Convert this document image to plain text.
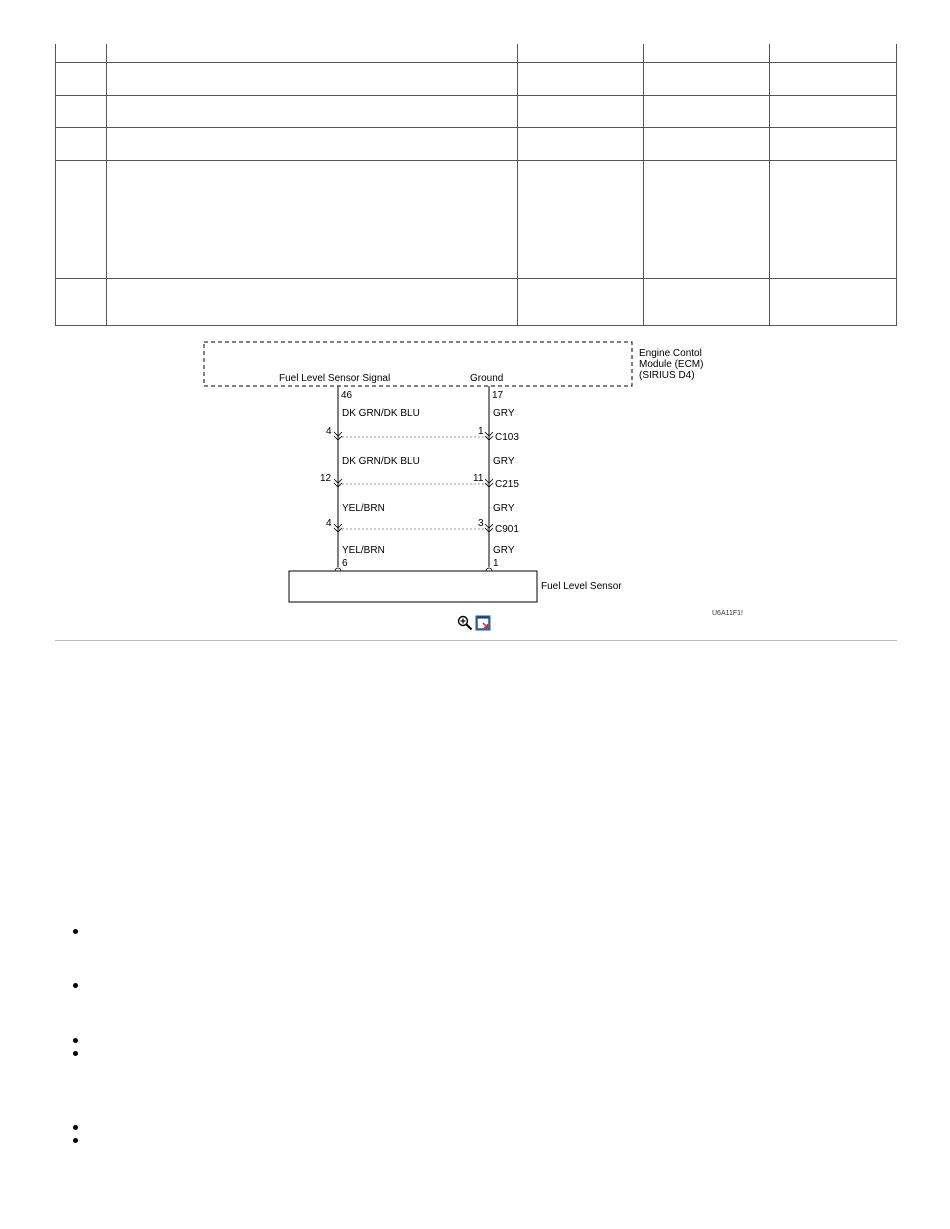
Engine Contol
Module (ECM)
(SIRIUS D4)
Fuel Level Sensor Signal	Ground
46	17
DK GRN/DK BLU	GRY
4	1
C103
DK GRN/DK BLU	GRY
12	11
C215
YEL/BRN	GRY
4	3
C901
YEL/BRN	GRY
6	1
Fuel Level Sensor
U6A11F1!
